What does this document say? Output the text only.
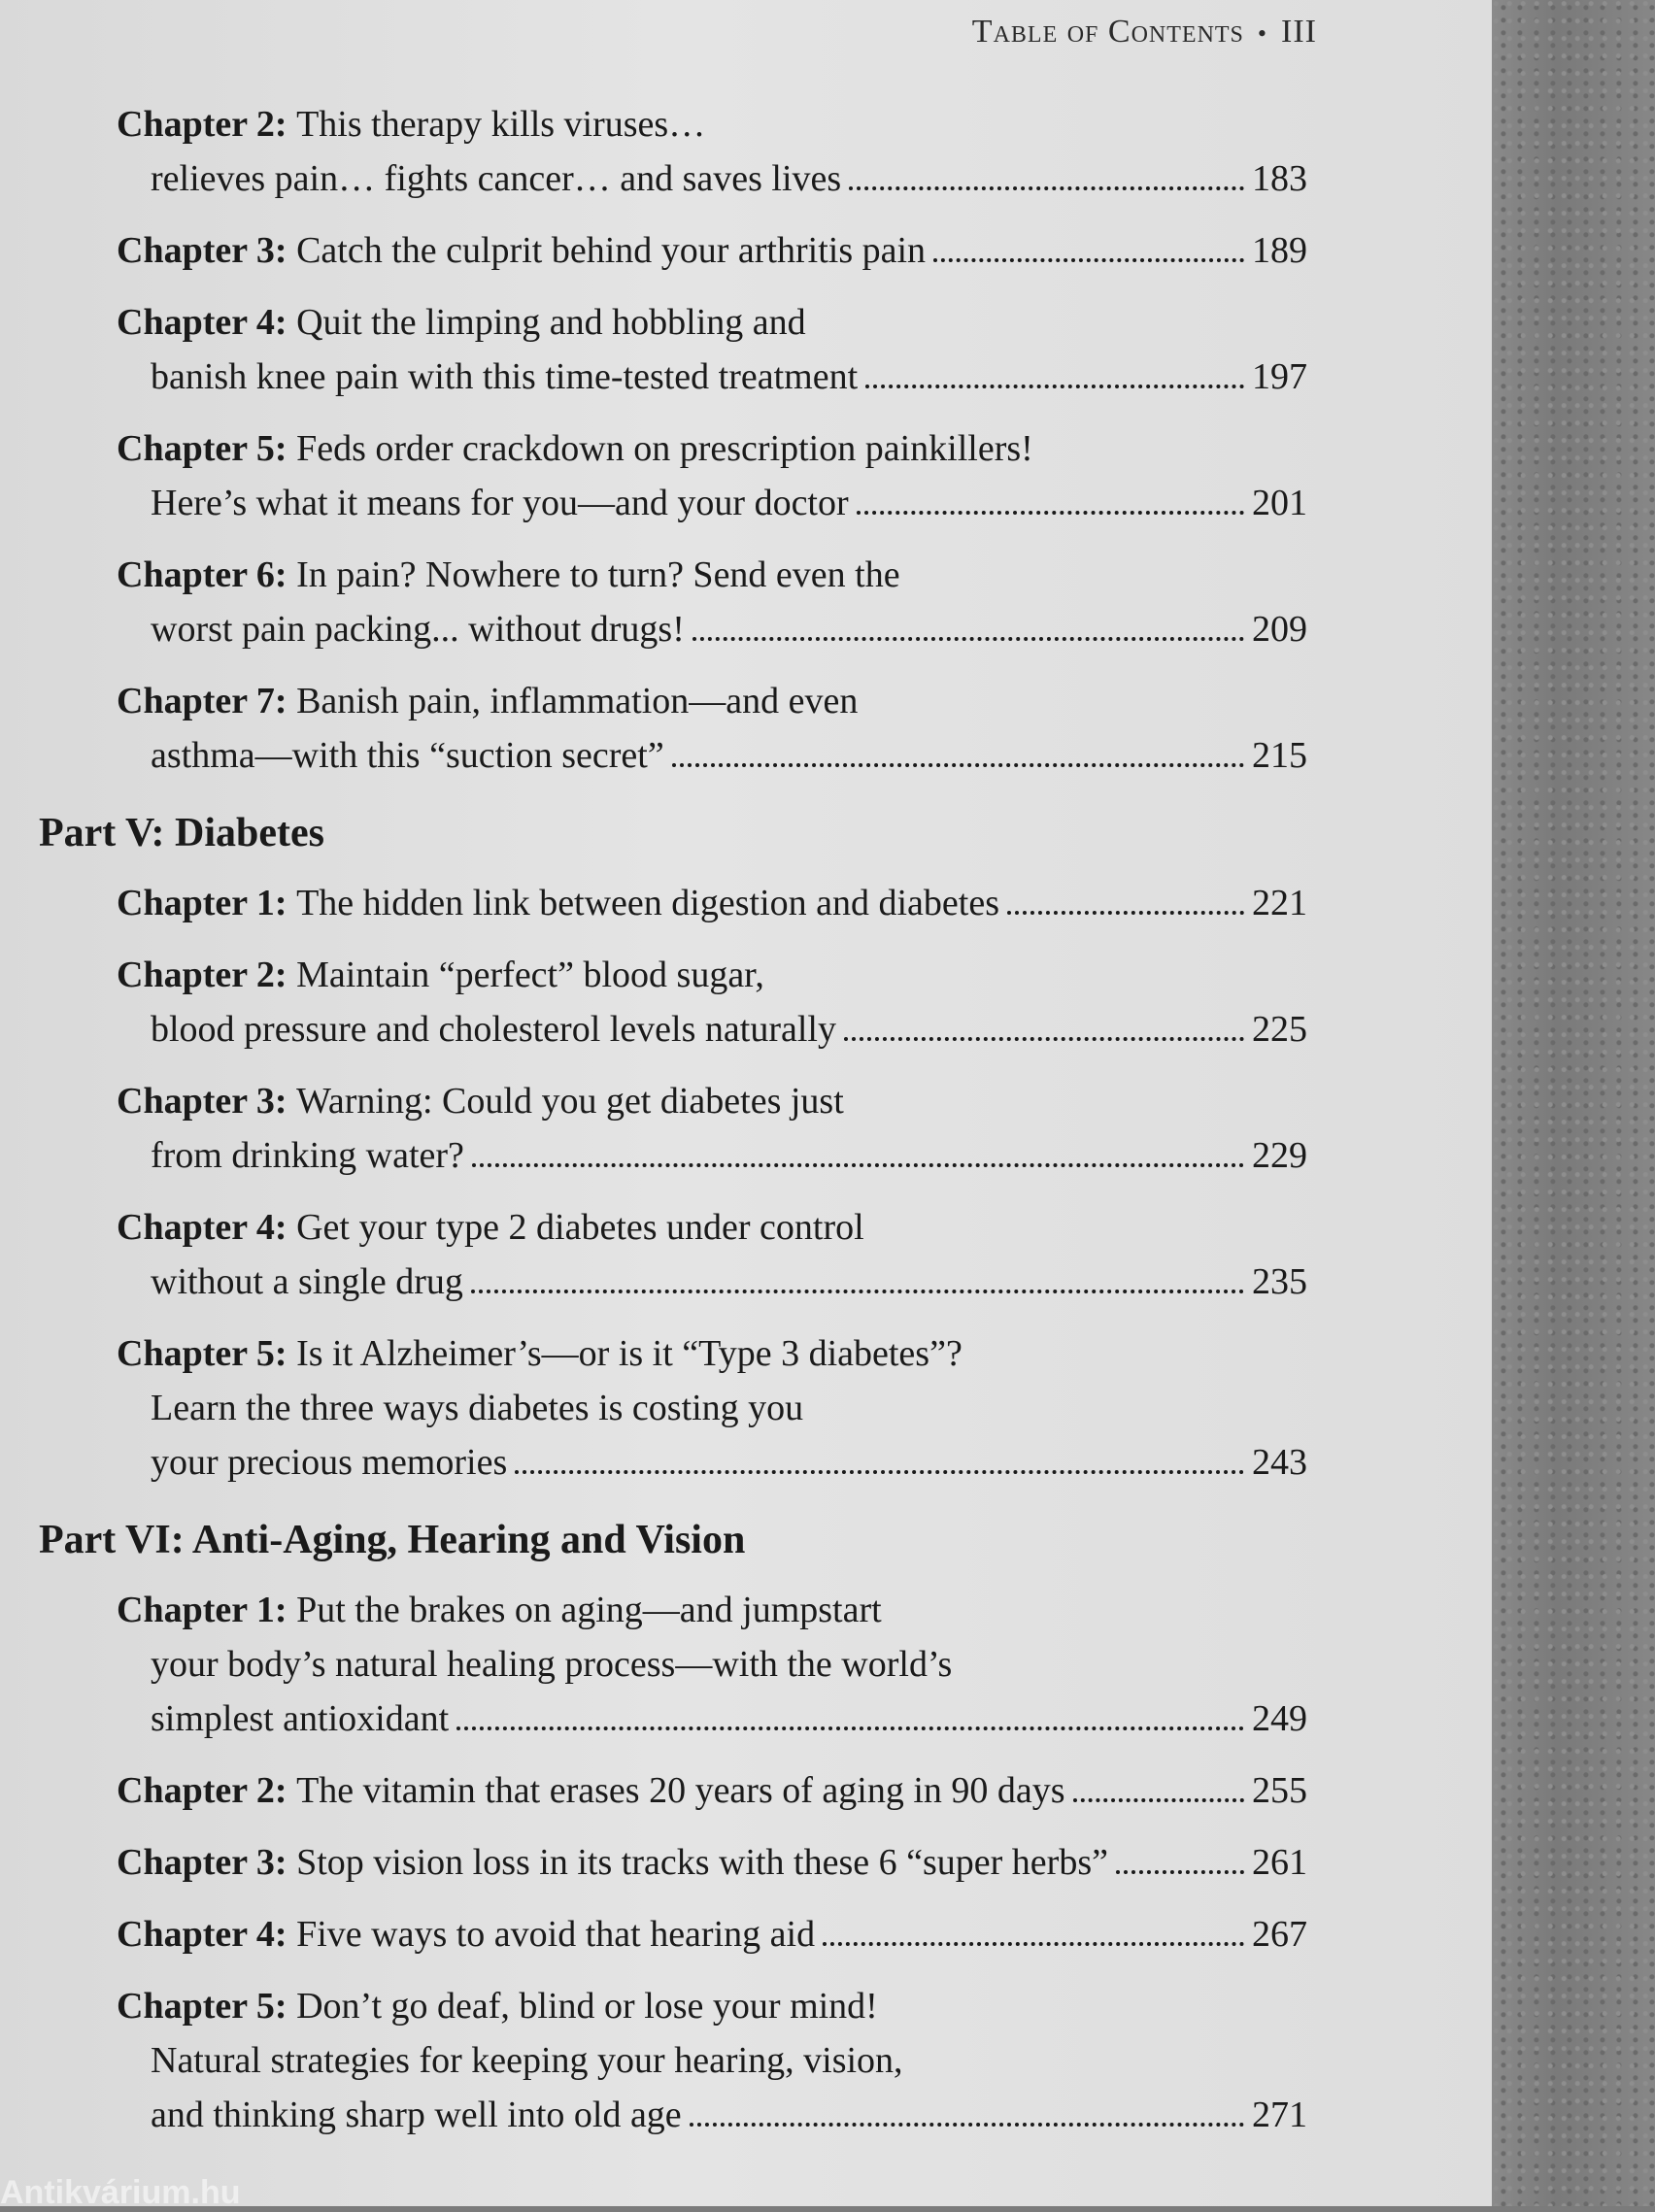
Table of Contents • III
Chapter 2:
This therapy kills viruses…
relieves pain… fights cancer… and saves lives	183
Chapter 3:
Catch the culprit behind your arthritis pain	189
Chapter 4:
Quit the limping and hobbling and
banish knee pain with this time-tested treatment	197
Chapter 5:
Feds order crackdown on prescription painkillers!
Here’s what it means for you—and your doctor	201
Chapter 6:
In pain? Nowhere to turn? Send even the
worst pain packing... without drugs!	209
Chapter 7:
Banish pain, inflammation—and even
asthma—with this “suction secret”	215
Part V: Diabetes
Chapter 1:
The hidden link between digestion and diabetes	221
Chapter 2:
Maintain “perfect” blood sugar,
blood pressure and cholesterol levels naturally	225
Chapter 3:
Warning: Could you get diabetes just
from drinking water?	229
Chapter 4:
Get your type 2 diabetes under control
without a single drug	235
Chapter 5:
Is it Alzheimer’s—or is it “Type 3 diabetes”?
Learn the three ways diabetes is costing you
your precious memories	243
Part VI: Anti-Aging, Hearing and Vision
Chapter 1:
Put the brakes on aging—and jumpstart
your body’s natural healing process—with the world’s
simplest antioxidant	249
Chapter 2:
The vitamin that erases 20 years of aging in 90 days	255
Chapter 3:
Stop vision loss in its tracks with these 6 “super herbs”	261
Chapter 4:
Five ways to avoid that hearing aid	267
Chapter 5:
Don’t go deaf, blind or lose your mind!
Natural strategies for keeping your hearing, vision,
and thinking sharp well into old age	271
Antikvárium.hu
